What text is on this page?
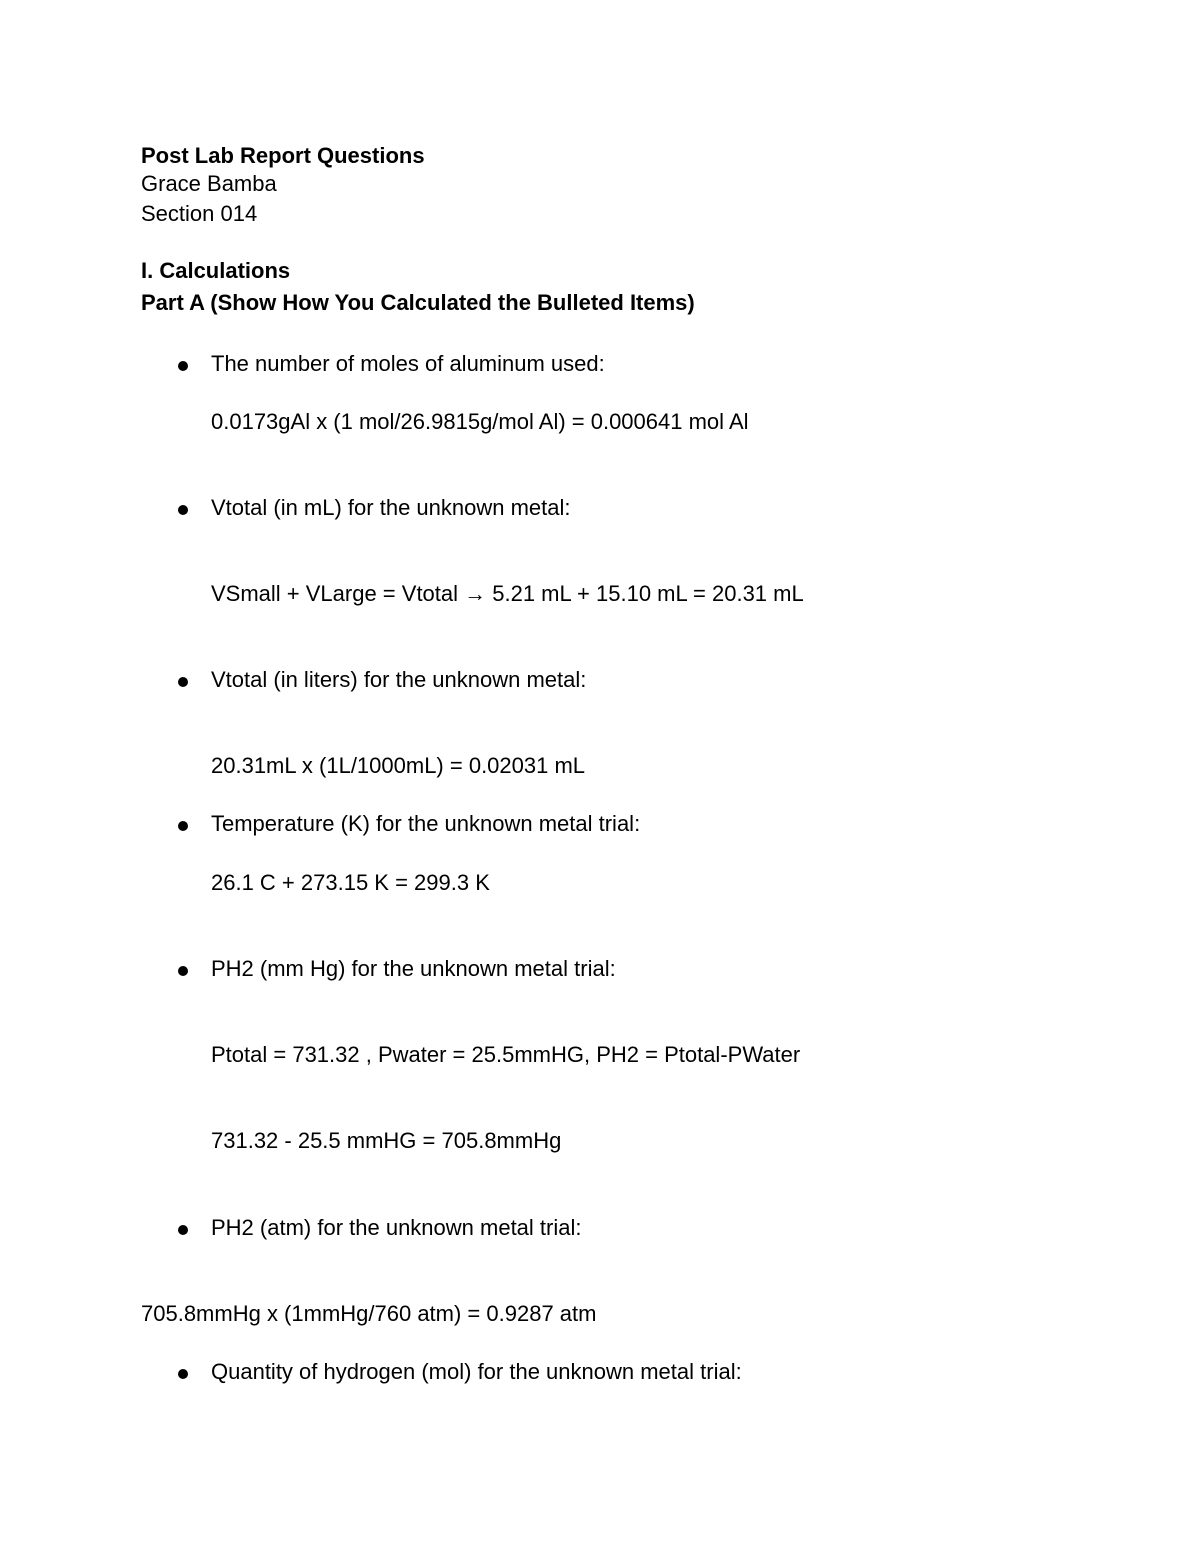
Post Lab Report Questions
Grace Bamba
Section 014
I. Calculations
Part A (Show How You Calculated the Bulleted Items)
The number of moles of aluminum used:
0.0173gAl x (1 mol/26.9815g/mol Al) = 0.000641 mol Al
Vtotal (in mL) for the unknown metal:
VSmall + VLarge = Vtotal → 5.21 mL + 15.10 mL = 20.31 mL
Vtotal (in liters) for the unknown metal:
20.31mL x (1L/1000mL) = 0.02031 mL
Temperature (K) for the unknown metal trial:
26.1 C + 273.15 K = 299.3 K
PH2 (mm Hg) for the unknown metal trial:
Ptotal = 731.32 , Pwater = 25.5mmHG, PH2 = Ptotal-PWater
731.32 - 25.5 mmHG = 705.8mmHg
PH2 (atm) for the unknown metal trial:
705.8mmHg x (1mmHg/760 atm) = 0.9287 atm
Quantity of hydrogen (mol) for the unknown metal trial:
